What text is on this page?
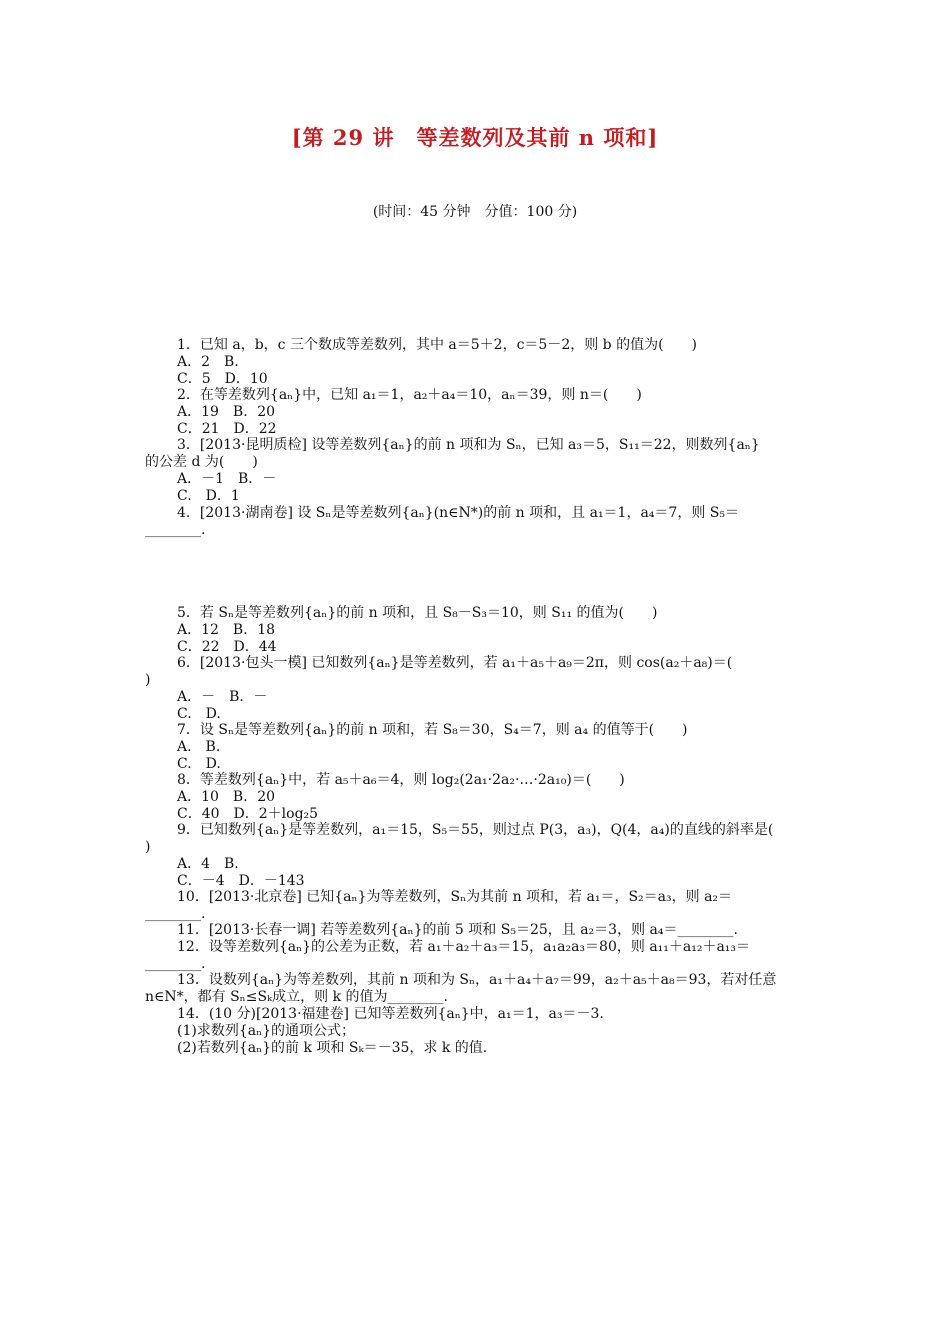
[第 29 讲　等差数列及其前 n 项和]
(时间：45 分钟　分值：100 分)
1．已知 a，b，c 三个数成等差数列，其中 a＝5＋2，c＝5－2，则 b 的值为(　　)
A．2　B.
C．5　D．10
2．在等差数列{aₙ}中，已知 a₁＝1，a₂＋a₄＝10，aₙ＝39，则 n＝(　　)
A．19　B．20
C．21　D．22
3．[2013·昆明质检] 设等差数列{aₙ}的前 n 项和为 Sₙ，已知 a₃＝5，S₁₁＝22，则数列{aₙ}
的公差 d 为(　　)
A．－1　B．－
C.　D．1
4．[2013·湖南卷] 设 Sₙ是等差数列{aₙ}(n∈N*)的前 n 项和，且 a₁＝1，a₄＝7，则 S₅＝
________.
5．若 Sₙ是等差数列{aₙ}的前 n 项和，且 S₈－S₃＝10，则 S₁₁ 的值为(　　)
A．12　B．18
C．22　D．44
6．[2013·包头一模] 已知数列{aₙ}是等差数列，若 a₁＋a₅＋a₉＝2π，则 cos(a₂＋a₈)＝(
)
A．－　B．－
C.　D.
7．设 Sₙ是等差数列{aₙ}的前 n 项和，若 S₈＝30，S₄＝7，则 a₄ 的值等于(　　)
A.　B.
C.　D.
8．等差数列{aₙ}中，若 a₅＋a₆＝4，则 log₂(2a₁·2a₂·…·2a₁₀)＝(　　)
A．10　B．20
C．40　D．2＋log₂5
9．已知数列{aₙ}是等差数列，a₁＝15，S₅＝55，则过点 P(3，a₃)，Q(4，a₄)的直线的斜率是(
)
A．4　B.
C．－4　D．－143
10．[2013·北京卷] 已知{aₙ}为等差数列，Sₙ为其前 n 项和，若 a₁＝，S₂＝a₃，则 a₂＝
________.
11．[2013·长春一调] 若等差数列{aₙ}的前 5 项和 S₅＝25，且 a₂＝3，则 a₄＝________.
12．设等差数列{aₙ}的公差为正数，若 a₁＋a₂＋a₃＝15，a₁a₂a₃＝80，则 a₁₁＋a₁₂＋a₁₃＝
________.
13．设数列{aₙ}为等差数列，其前 n 项和为 Sₙ，a₁＋a₄＋a₇＝99，a₂＋a₅＋a₈＝93，若对任意
n∈N*，都有 Sₙ≤Sₖ成立，则 k 的值为________.
14．(10 分)[2013·福建卷] 已知等差数列{aₙ}中，a₁＝1，a₃＝－3.
(1)求数列{aₙ}的通项公式；
(2)若数列{aₙ}的前 k 项和 Sₖ＝－35，求 k 的值.
